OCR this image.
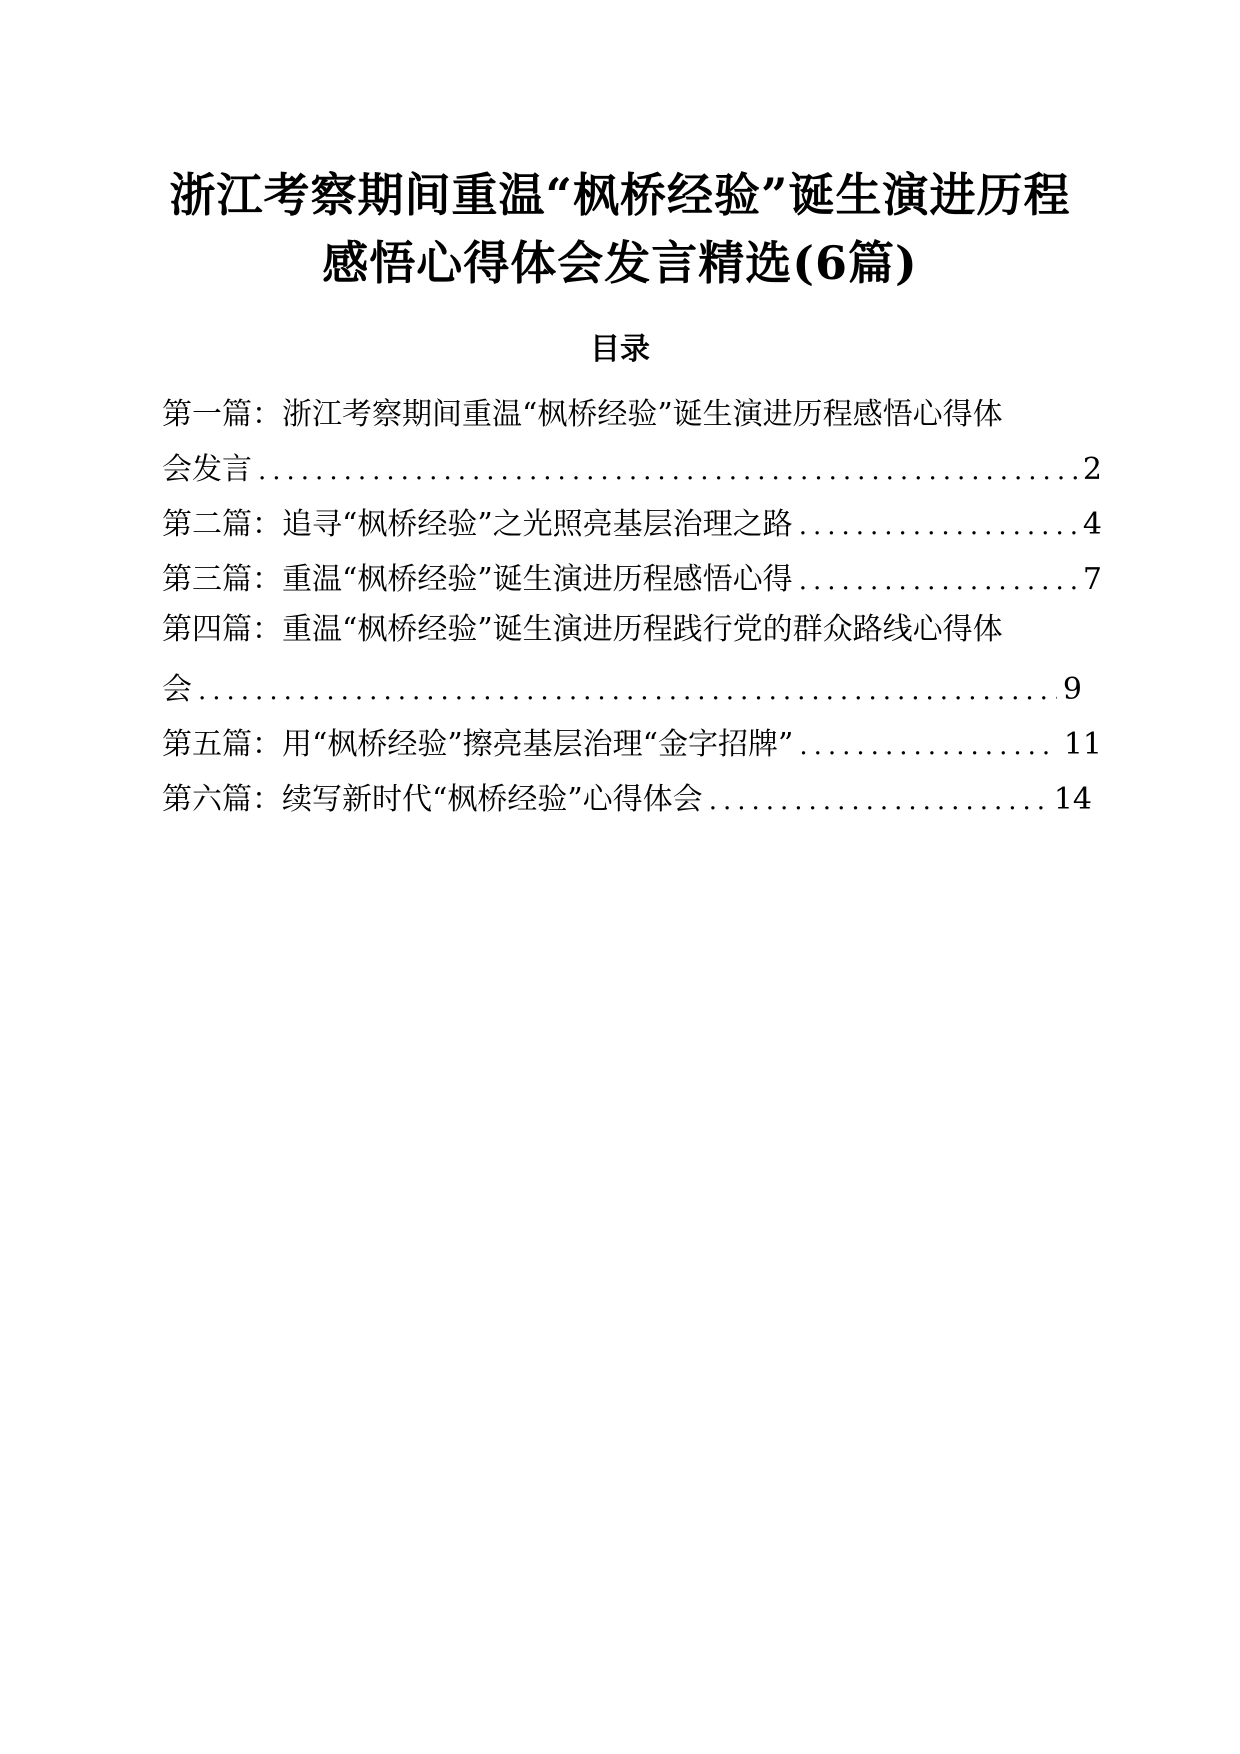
浙江考察期间重温“枫桥经验”诞生演进历程
感悟心得体会发言精选(6篇)
目录
第一篇：浙江考察期间重温“枫桥经验”诞生演进历程感悟心得体
会发言 .....	2
第二篇：追寻“枫桥经验”之光照亮基层治理之路 .....	4
第三篇：重温“枫桥经验”诞生演进历程感悟心得 .....	7
第四篇：重温“枫桥经验”诞生演进历程践行党的群众路线心得体
会 .....	9
第五篇：用“枫桥经验”擦亮基层治理“金字招牌” .....	11
第六篇：续写新时代“枫桥经验”心得体会 .....	14
